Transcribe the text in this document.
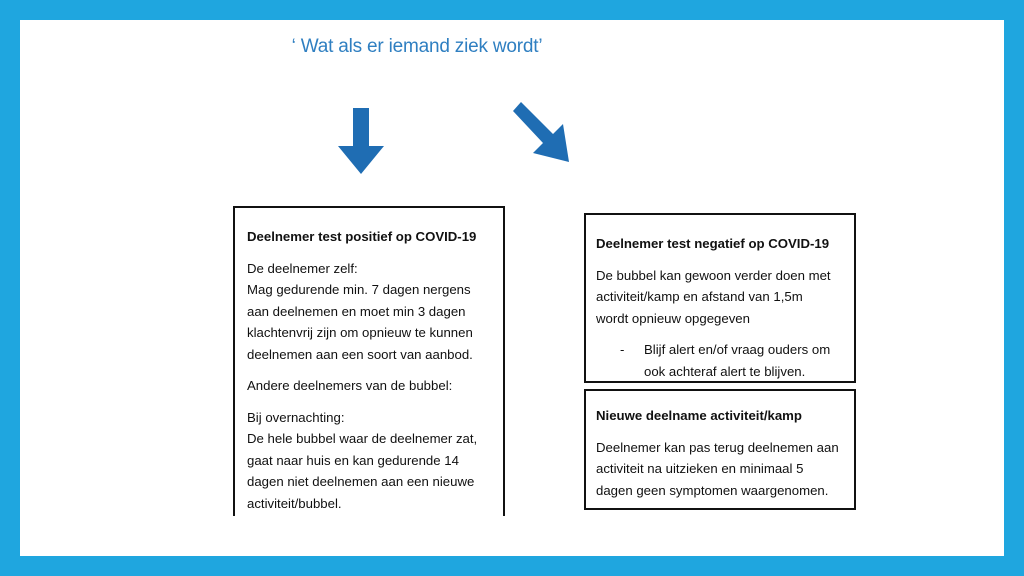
‘ Wat als er iemand ziek wordt’
Deelnemer test positief op COVID-19
De deelnemer zelf:
Mag gedurende min. 7 dagen nergens
aan deelnemen en moet min 3 dagen
klachtenvrij zijn om opnieuw te kunnen
deelnemen aan een soort van aanbod.
Andere deelnemers van de bubbel:
Bij overnachting:
De hele bubbel waar de deelnemer zat,
gaat naar huis en kan gedurende 14
dagen niet deelnemen aan een nieuwe
activiteit/bubbel.
Deelnemer test negatief op COVID-19
De bubbel kan gewoon verder doen met
activiteit/kamp en afstand van 1,5m
wordt opnieuw opgegeven
-	Blijf alert en/of vraag ouders om
ook achteraf alert te blijven.
Nieuwe deelname activiteit/kamp
Deelnemer kan pas terug deelnemen aan
activiteit na uitzieken en minimaal 5
dagen geen symptomen waargenomen.
